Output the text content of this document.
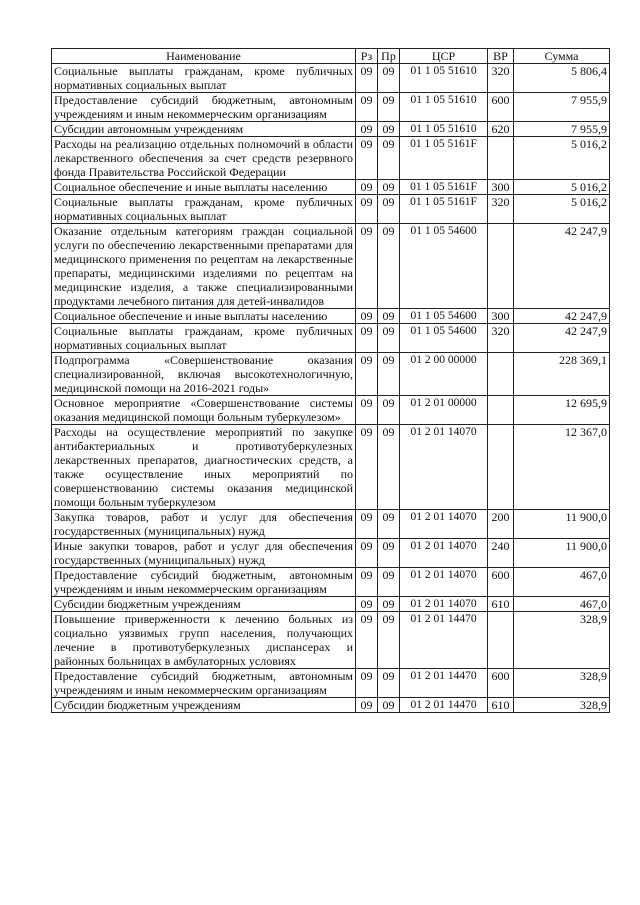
Наименование	Рз	Пр	ЦСР	ВР	Сумма
Социальные выплаты гражданам, кроме публичных нормативных социальных выплат	09	09	01 1 05 51610	320	5 806,4
Предоставление субсидий бюджетным, автономным учреждениям и иным некоммерческим организациям	09	09	01 1 05 51610	600	7 955,9
Субсидии автономным учреждениям	09	09	01 1 05 51610	620	7 955,9
Расходы на реализацию отдельных полномочий в области лекарственного обеспечения за счет средств резервного фонда Правительства Российской Федерации	09	09	01 1 05 5161F		5 016,2
Социальное обеспечение и иные выплаты населению	09	09	01 1 05 5161F	300	5 016,2
Социальные выплаты гражданам, кроме публичных нормативных социальных выплат	09	09	01 1 05 5161F	320	5 016,2
Оказание отдельным категориям граждан социальной услуги по обеспечению лекарственными препаратами для медицинского применения по рецептам на лекарственные препараты, медицинскими изделиями по рецептам на медицинские изделия, а также специализированными продуктами лечебного питания для детей-инвалидов	09	09	01 1 05 54600		42 247,9
Социальное обеспечение и иные выплаты населению	09	09	01 1 05 54600	300	42 247,9
Социальные выплаты гражданам, кроме публичных нормативных социальных выплат	09	09	01 1 05 54600	320	42 247,9
Подпрограмма «Совершенствование оказания специализированной, включая высокотехнологичную, медицинской помощи на 2016-2021 годы»	09	09	01 2 00 00000		228 369,1
Основное мероприятие «Совершенствование системы оказания медицинской помощи больным туберкулезом»	09	09	01 2 01 00000		12 695,9
Расходы на осуществление мероприятий по закупке антибактериальных и противотуберкулезных лекарственных препаратов, диагностических средств, а также осуществление иных мероприятий по совершенствованию системы оказания медицинской помощи больным туберкулезом	09	09	01 2 01 14070		12 367,0
Закупка товаров, работ и услуг для обеспечения государственных (муниципальных) нужд	09	09	01 2 01 14070	200	11 900,0
Иные закупки товаров, работ и услуг для обеспечения государственных (муниципальных) нужд	09	09	01 2 01 14070	240	11 900,0
Предоставление субсидий бюджетным, автономным учреждениям и иным некоммерческим организациям	09	09	01 2 01 14070	600	467,0
Субсидии бюджетным учреждениям	09	09	01 2 01 14070	610	467,0
Повышение приверженности к лечению больных из социально уязвимых групп населения, получающих лечение в противотуберкулезных диспансерах и районных больницах в амбулаторных условиях	09	09	01 2 01 14470		328,9
Предоставление субсидий бюджетным, автономным учреждениям и иным некоммерческим организациям	09	09	01 2 01 14470	600	328,9
Субсидии бюджетным учреждениям	09	09	01 2 01 14470	610	328,9
